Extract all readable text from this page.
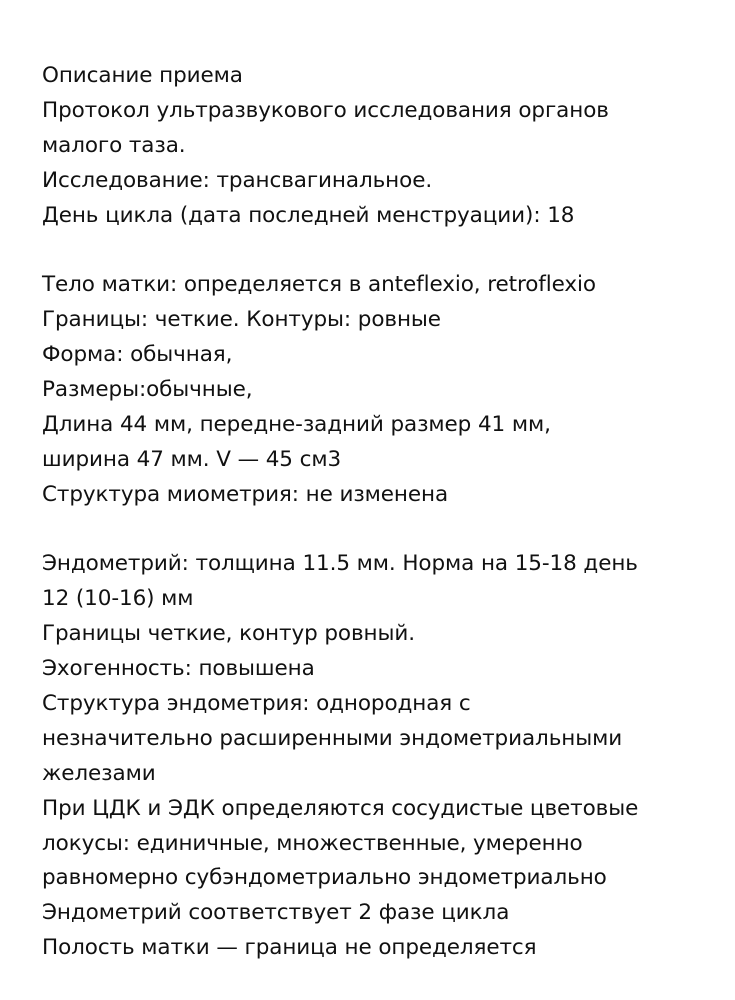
Описание приема
Протокол ультразвукового исследования органов
малого таза.
Исследование: трансвагинальное.
День цикла (дата последней менструации): 18
Тело матки: определяется в anteflexio, retroflexio
Границы: четкие. Контуры: ровные
Форма: обычная,
Размеры:обычные,
Длина 44 мм, передне-задний размер 41 мм,
ширина 47 мм. V — 45 см3
Структура миометрия: не изменена
Эндометрий: толщина 11.5 мм. Норма на 15-18 день
12 (10-16) мм
Границы четкие, контур ровный.
Эхогенность: повышена
Структура эндометрия: однородная с
незначительно расширенными эндометриальными
железами
При ЦДК и ЭДК определяются сосудистые цветовые
локусы: единичные, множественные, умеренно
равномерно субэндометриально эндометриально
Эндометрий соответствует 2 фазе цикла
Полость матки — граница не определяется
